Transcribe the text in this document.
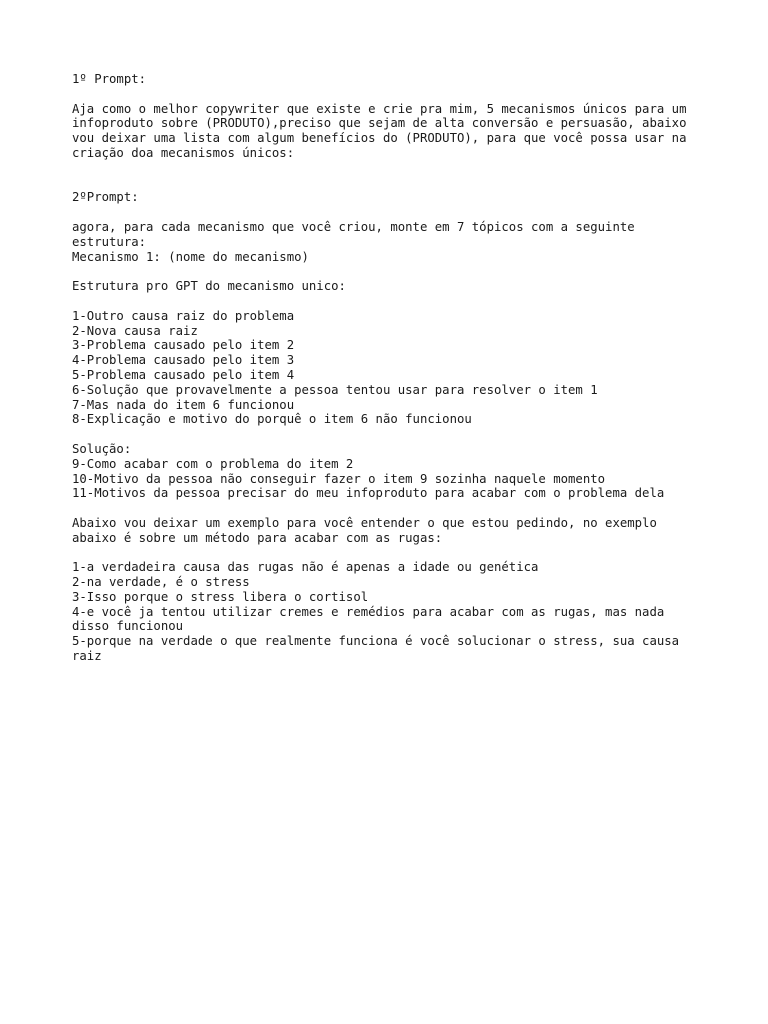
1º Prompt:
Aja como o melhor copywriter que existe e crie pra mim, 5 mecanismos únicos para um
infoproduto sobre (PRODUTO),preciso que sejam de alta conversão e persuasão, abaixo
vou deixar uma lista com algum benefícios do (PRODUTO), para que você possa usar na
criação doa mecanismos únicos:
2ºPrompt:
agora, para cada mecanismo que você criou, monte em 7 tópicos com a seguinte
estrutura:
Mecanismo 1: (nome do mecanismo)
Estrutura pro GPT do mecanismo unico:
1-Outro causa raiz do problema
2-Nova causa raiz
3-Problema causado pelo item 2
4-Problema causado pelo item 3
5-Problema causado pelo item 4
6-Solução que provavelmente a pessoa tentou usar para resolver o item 1
7-Mas nada do item 6 funcionou
8-Explicação e motivo do porquê o item 6 não funcionou
Solução:
9-Como acabar com o problema do item 2
10-Motivo da pessoa não conseguir fazer o item 9 sozinha naquele momento
11-Motivos da pessoa precisar do meu infoproduto para acabar com o problema dela
Abaixo vou deixar um exemplo para você entender o que estou pedindo, no exemplo
abaixo é sobre um método para acabar com as rugas:
1-a verdadeira causa das rugas não é apenas a idade ou genética
2-na verdade, é o stress
3-Isso porque o stress libera o cortisol
4-e você ja tentou utilizar cremes e remédios para acabar com as rugas, mas nada
disso funcionou
5-porque na verdade o que realmente funciona é você solucionar o stress, sua causa
raiz
